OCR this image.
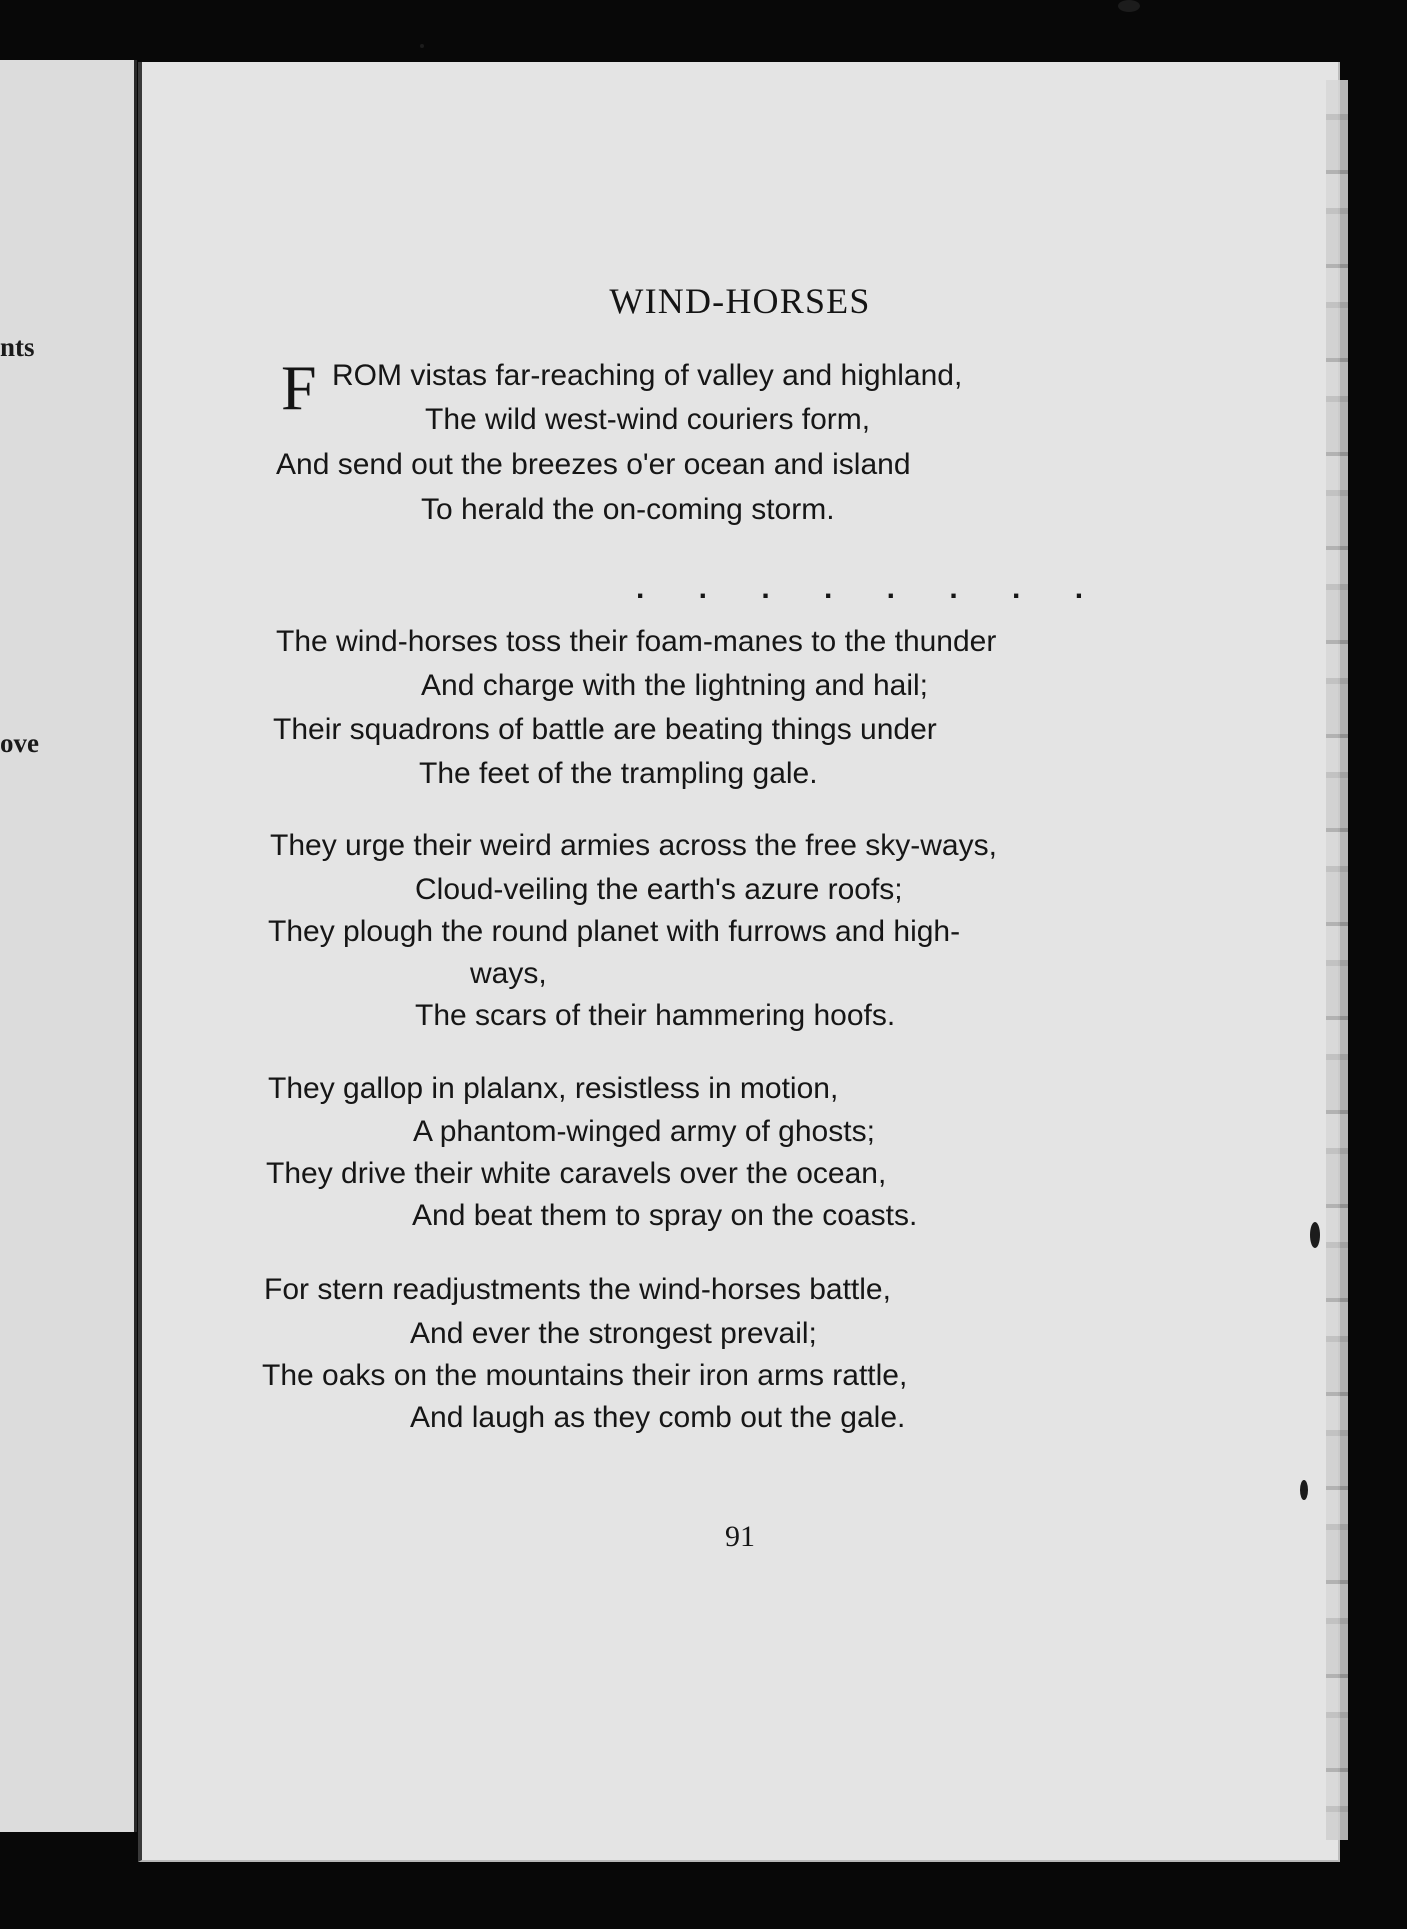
nts
ove
WIND-HORSES
F ROM vistas far-reaching of valley and highland,
The wild west-wind couriers form,
And send out the breezes o'er ocean and island
To herald the on-coming storm.
. . . . . . . .
The wind-horses toss their foam-manes to the thunder
And charge with the lightning and hail;
Their squadrons of battle are beating things under
The feet of the trampling gale.
They urge their weird armies across the free sky-ways,
Cloud-veiling the earth's azure roofs;
They plough the round planet with furrows and high-
ways,
The scars of their hammering hoofs.
They gallop in plalanx, resistless in motion,
A phantom-winged army of ghosts;
They drive their white caravels over the ocean,
And beat them to spray on the coasts.
For stern readjustments the wind-horses battle,
And ever the strongest prevail;
The oaks on the mountains their iron arms rattle,
And laugh as they comb out the gale.
91
